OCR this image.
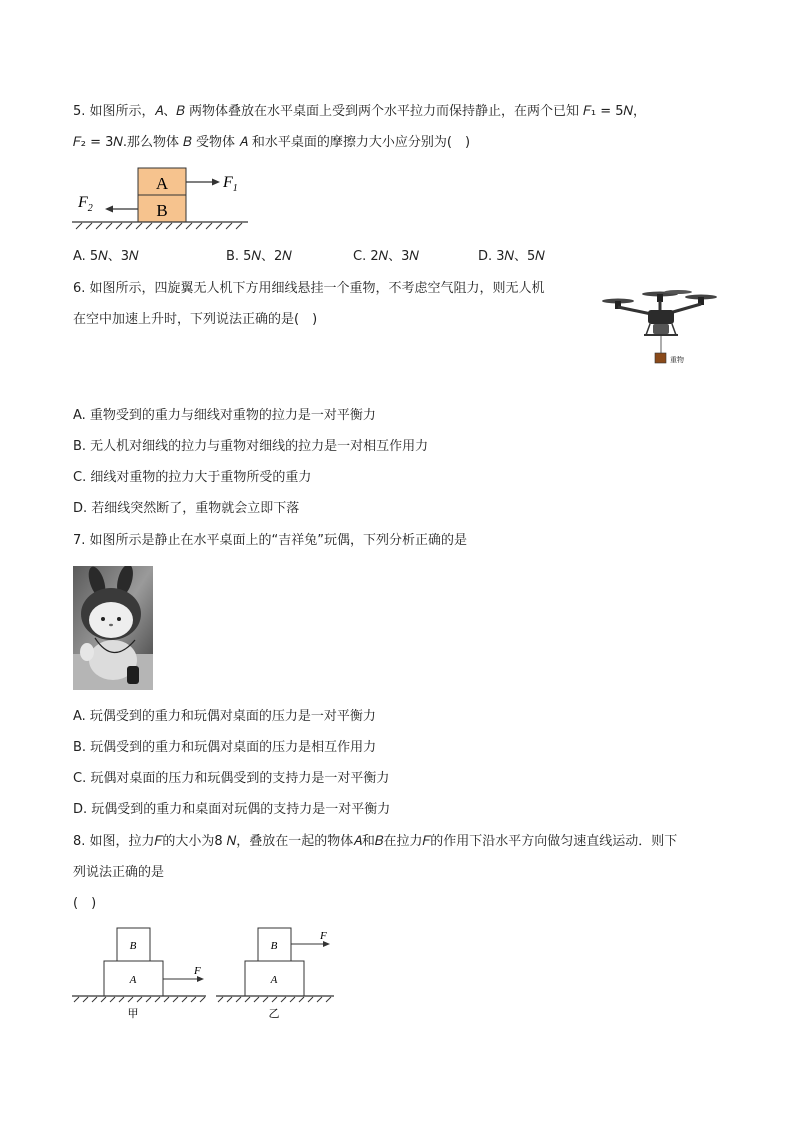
5. 如图所示，𝐴、𝐵 两物体叠放在水平桌面上受到两个水平拉力而保持静止，在两个已知 𝐹₁ = 5𝑁，
𝐹₂ = 3𝑁.那么物体 𝐵 受物体 𝐴 和水平桌面的摩擦力大小应分别为(　)
A
B
$F_1$
$F_2$
A. 5𝑁、3𝑁	B. 5𝑁、2𝑁	C. 2𝑁、3𝑁	D. 3𝑁、5𝑁
6. 如图所示，四旋翼无人机下方用细线悬挂一个重物，不考虑空气阻力，则无人机
在空中加速上升时，下列说法正确的是(　)
重物
A. 重物受到的重力与细线对重物的拉力是一对平衡力
B. 无人机对细线的拉力与重物对细线的拉力是一对相互作用力
C. 细线对重物的拉力大于重物所受的重力
D. 若细线突然断了，重物就会立即下落
7. 如图所示是静止在水平桌面上的“吉祥兔”玩偶，下列分析正确的是
A. 玩偶受到的重力和玩偶对桌面的压力是一对平衡力
B. 玩偶受到的重力和玩偶对桌面的压力是相互作用力
C. 玩偶对桌面的压力和玩偶受到的支持力是一对平衡力
D. 玩偶受到的重力和桌面对玩偶的支持力是一对平衡力
8. 如图，拉力𝐹的大小为8 𝑁，叠放在一起的物体𝐴和𝐵在拉力𝐹的作用下沿水平方向做匀速直线运动．则下
列说法正确的是
(　)
B
A
F
甲
B
A
F
乙
